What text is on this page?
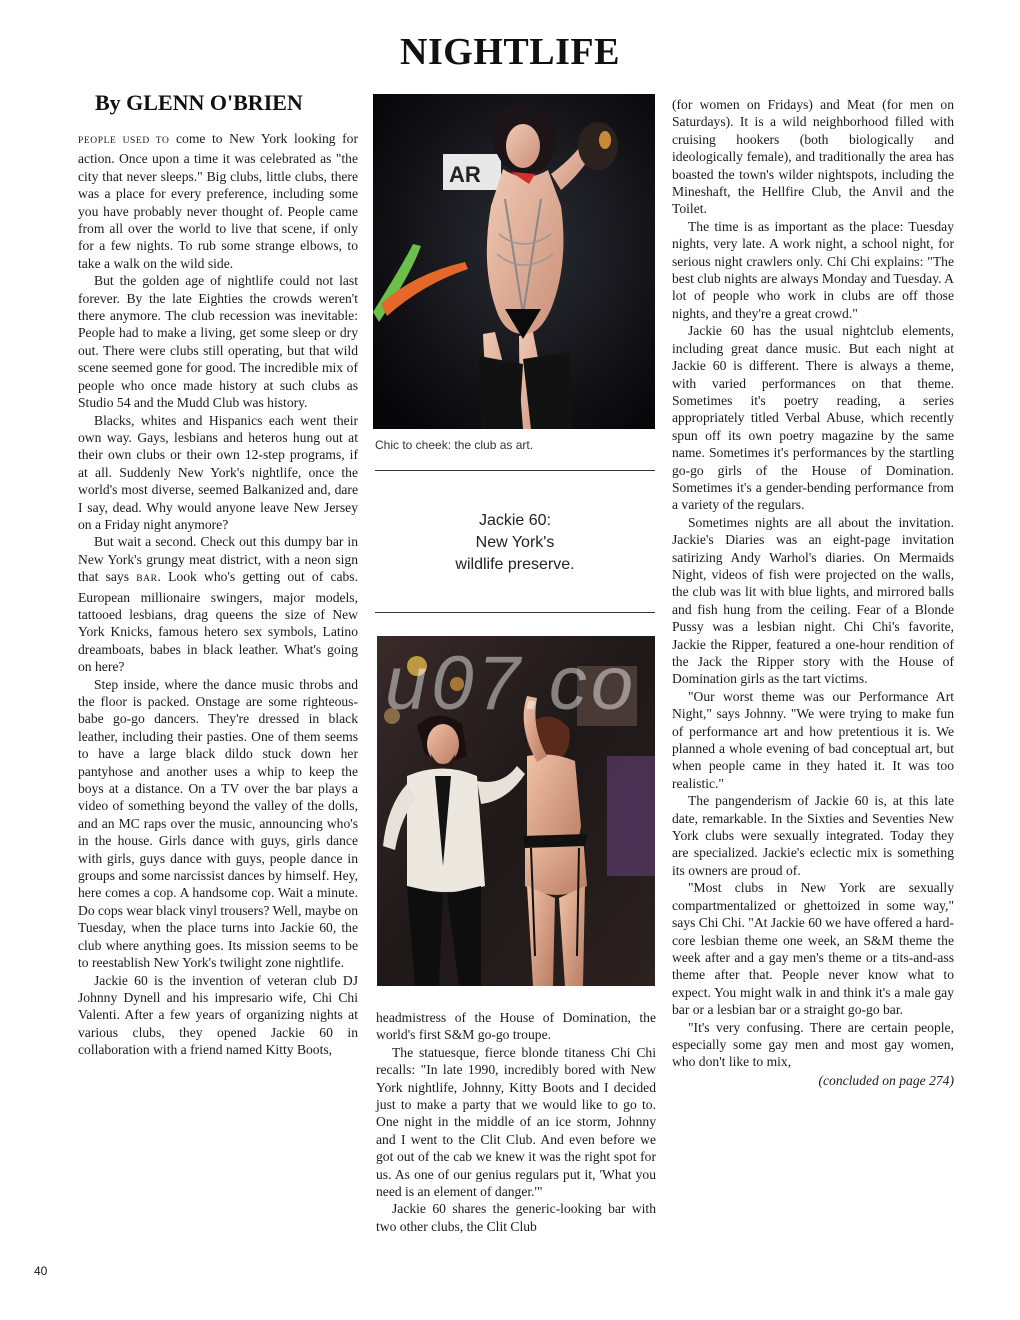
NIGHTLIFE
By GLENN O'BRIEN

PEOPLE USED TO come to New York looking for action. Once upon a time it was celebrated as "the city that never sleeps." Big clubs, little clubs, there was a place for every preference, including some you have probably never thought of. People came from all over the world to live that scene, if only for a few nights. To rub some strange elbows, to take a walk on the wild side.

But the golden age of nightlife could not last forever. By the late Eighties the crowds weren't there anymore. The club recession was inevitable: People had to make a living, get some sleep or dry out. There were clubs still operating, but that wild scene seemed gone for good. The incredible mix of people who once made history at such clubs as Studio 54 and the Mudd Club was history.

Blacks, whites and Hispanics each went their own way. Gays, lesbians and heteros hung out at their own clubs or their own 12-step programs, if at all. Suddenly New York's nightlife, once the world's most diverse, seemed Balkanized and, dare I say, dead. Why would anyone leave New Jersey on a Friday night anymore?

But wait a second. Check out this dumpy bar in New York's grungy meat district, with a neon sign that says BAR. Look who's getting out of cabs. European millionaire swingers, major models, tattooed lesbians, drag queens the size of New York Knicks, famous hetero sex symbols, Latino dreamboats, babes in black leather. What's going on here?

Step inside, where the dance music throbs and the floor is packed. Onstage are some righteous-babe go-go dancers. They're dressed in black leather, including their pasties. One of them seems to have a large black dildo stuck down her pantyhose and another uses a whip to keep the boys at a distance. On a TV over the bar plays a video of something beyond the valley of the dolls, and an MC raps over the music, announcing who's in the house. Girls dance with guys, girls dance with girls, guys dance with guys, people dance in groups and some narcissist dances by himself. Hey, here comes a cop. A handsome cop. Wait a minute. Do cops wear black vinyl trousers? Well, maybe on Tuesday, when the place turns into Jackie 60, the club where anything goes. Its mission seems to be to reestablish New York's twilight zone nightlife.

Jackie 60 is the invention of veteran club DJ Johnny Dynell and his impresario wife, Chi Chi Valenti. After a few years of organizing nights at various clubs, they opened Jackie 60 in collaboration with a friend named Kitty Boots,

AR
Chic to cheek: the club as art.
Jackie 60:
New York's
wildlife preserve.
u07.co

headmistress of the House of Domination, the world's first S&M go-go troupe.

The statuesque, fierce blonde titaness Chi Chi recalls: "In late 1990, incredibly bored with New York nightlife, Johnny, Kitty Boots and I decided just to make a party that we would like to go to. One night in the middle of an ice storm, Johnny and I went to the Clit Club. And even before we got out of the cab we knew it was the right spot for us. As one of our genius regulars put it, 'What you need is an element of danger.'"

Jackie 60 shares the generic-looking bar with two other clubs, the Clit Club

(for women on Fridays) and Meat (for men on Saturdays). It is a wild neighborhood filled with cruising hookers (both biologically and ideologically female), and traditionally the area has boasted the town's wilder nightspots, including the Mineshaft, the Hellfire Club, the Anvil and the Toilet.

The time is as important as the place: Tuesday nights, very late. A work night, a school night, for serious night crawlers only. Chi Chi explains: "The best club nights are always Monday and Tuesday. A lot of people who work in clubs are off those nights, and they're a great crowd."

Jackie 60 has the usual nightclub elements, including great dance music. But each night at Jackie 60 is different. There is always a theme, with varied performances on that theme. Sometimes it's poetry reading, a series appropriately titled Verbal Abuse, which recently spun off its own poetry magazine by the same name. Sometimes it's performances by the startling go-go girls of the House of Domination. Sometimes it's a gender-bending performance from a variety of the regulars.

Sometimes nights are all about the invitation. Jackie's Diaries was an eight-page invitation satirizing Andy Warhol's diaries. On Mermaids Night, videos of fish were projected on the walls, the club was lit with blue lights, and mirrored balls and fish hung from the ceiling. Fear of a Blonde Pussy was a lesbian night. Chi Chi's favorite, Jackie the Ripper, featured a one-hour rendition of the Jack the Ripper story with the House of Domination girls as the tart victims.

"Our worst theme was our Performance Art Night," says Johnny. "We were trying to make fun of performance art and how pretentious it is. We planned a whole evening of bad conceptual art, but when people came in they hated it. It was too realistic."

The pangenderism of Jackie 60 is, at this late date, remarkable. In the Sixties and Seventies New York clubs were sexually integrated. Today they are specialized. Jackie's eclectic mix is something its owners are proud of.

"Most clubs in New York are sexually compartmentalized or ghettoized in some way," says Chi Chi. "At Jackie 60 we have offered a hard-core lesbian theme one week, an S&M theme the week after and a gay men's theme or a tits-and-ass theme after that. People never know what to expect. You might walk in and think it's a male gay bar or a lesbian bar or a straight go-go bar.

"It's very confusing. There are certain people, especially some gay men and most gay women, who don't like to mix,

(concluded on page 274)
40
